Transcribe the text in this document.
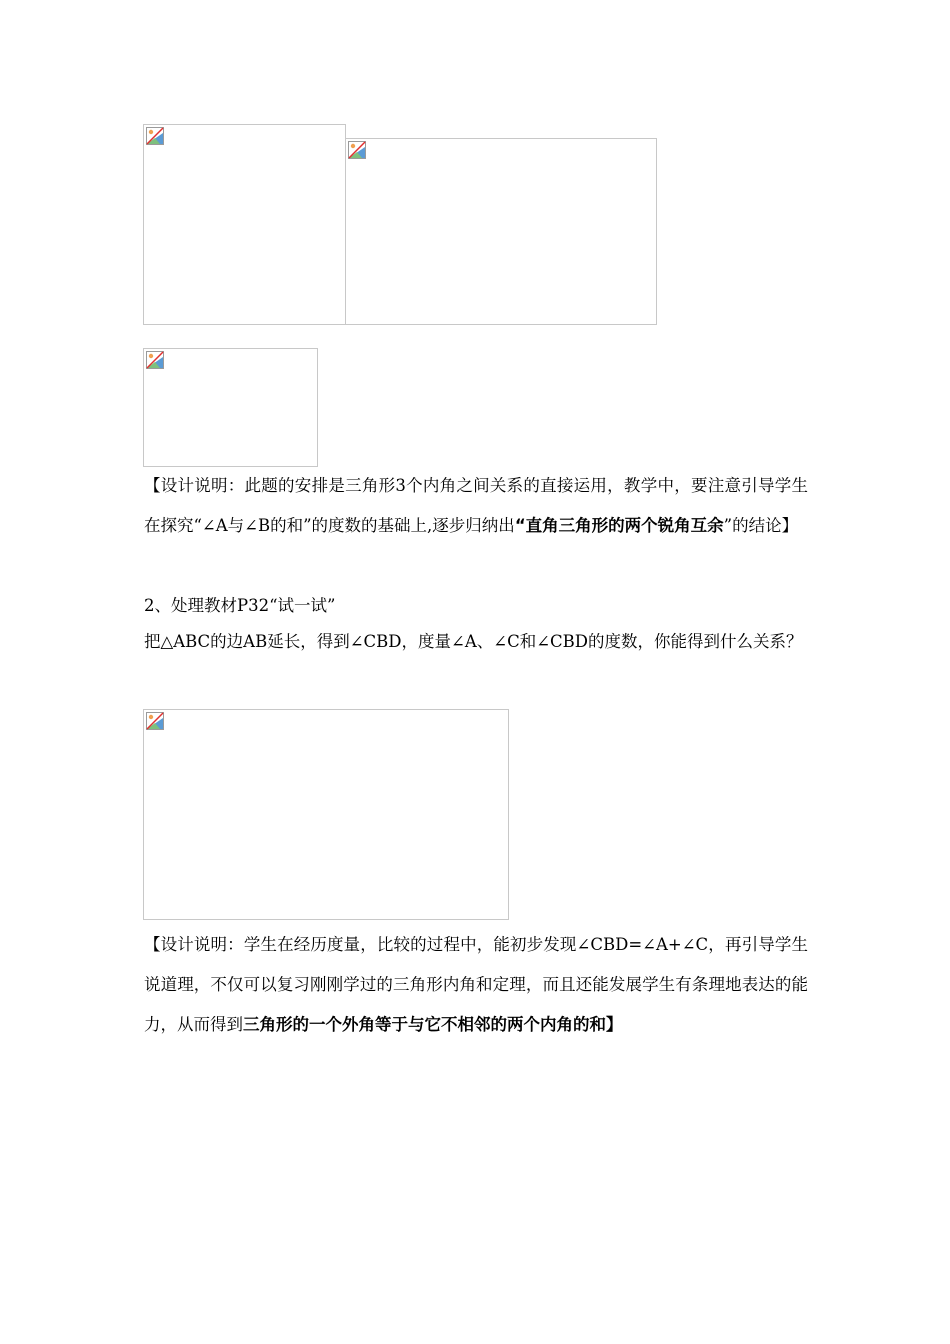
【设计说明：此题的安排是三角形3个内角之间关系的直接运用，教学中，要注意引导学生在探究“∠A与∠B的和”的度数的基础上,逐步归纳出“直角三角形的两个锐角互余”的结论】
2、处理教材P32“试一试”
把△ABC的边AB延长，得到∠CBD，度量∠A、∠C和∠CBD的度数，你能得到什么关系？
【设计说明：学生在经历度量，比较的过程中，能初步发现∠CBD=∠A+∠C，再引导学生说道理，不仅可以复习刚刚学过的三角形内角和定理，而且还能发展学生有条理地表达的能力，从而得到三角形的一个外角等于与它不相邻的两个内角的和】
